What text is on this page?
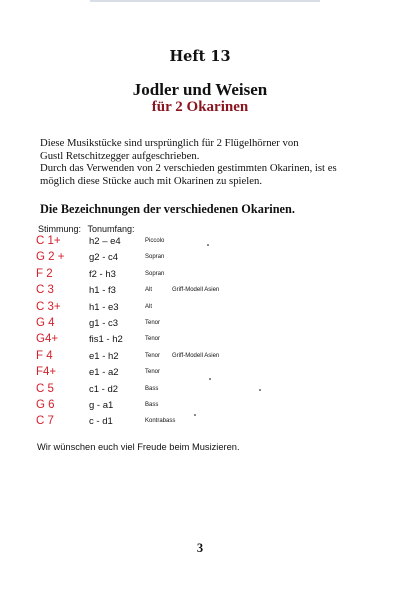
Heft 13
Jodler und Weisen
für 2 Okarinen
Diese Musikstücke sind ursprünglich für 2 Flügelhörner von
Gustl Retschitzegger aufgeschrieben.
Durch das Verwenden von 2 verschieden gestimmten Okarinen, ist es
möglich diese Stücke auch mit Okarinen zu spielen.
Die Bezeichnungen der verschiedenen Okarinen.
Stimmung: Tonumfang:
C 1+	h2 – e4	Piccolo
G 2 +	g2 - c4	Sopran
F 2	f2 - h3	Sopran
C 3	h1 - f3	Alt	Griff-Modell Asien
C 3+	h1 - e3	Alt
G 4	g1 - c3	Tenor
G4+	fis1 - h2	Tenor
F 4	e1 - h2	Tenor Griff-Modell Asien
F4+	e1 - a2	Tenor
C 5	c1 - d2	Bass
G 6	g - a1	Bass
C 7	c - d1	Kontrabass
Wir wünschen euch viel Freude beim Musizieren.
3
